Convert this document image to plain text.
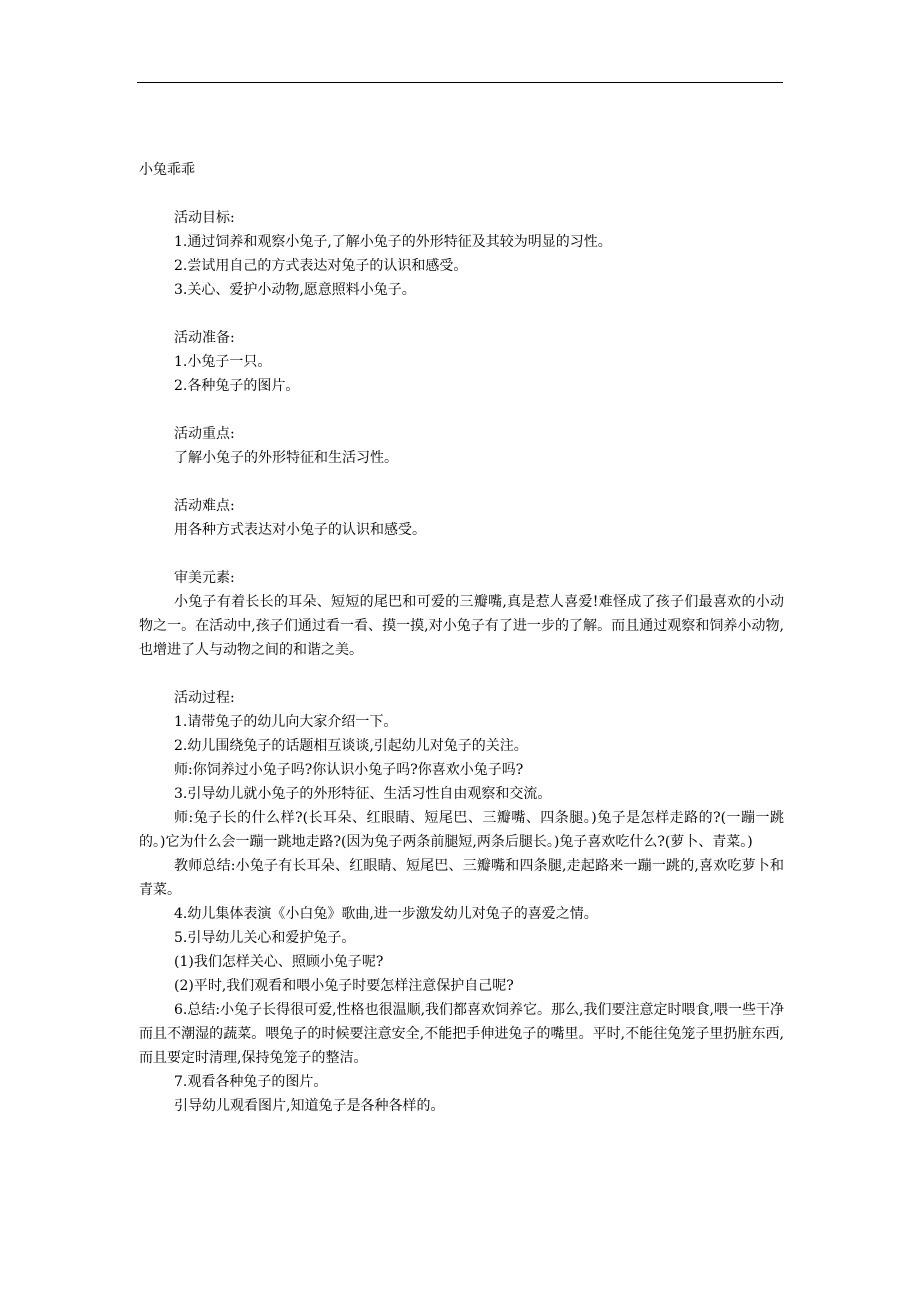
小兔乖乖
活动目标:
1.通过饲养和观察小兔子,了解小兔子的外形特征及其较为明显的习性。
2.尝试用自己的方式表达对兔子的认识和感受。
3.关心、爱护小动物,愿意照料小兔子。
活动准备:
1.小兔子一只。
2.各种兔子的图片。
活动重点:
了解小兔子的外形特征和生活习性。
活动难点:
用各种方式表达对小兔子的认识和感受。
审美元素:
小兔子有着长长的耳朵、短短的尾巴和可爱的三瓣嘴,真是惹人喜爱!难怪成了孩子们最喜欢的小动物之一。在活动中,孩子们通过看一看、摸一摸,对小兔子有了进一步的了解。而且通过观察和饲养小动物,也增进了人与动物之间的和谐之美。
活动过程:
1.请带兔子的幼儿向大家介绍一下。
2.幼儿围绕兔子的话题相互谈谈,引起幼儿对兔子的关注。
师:你饲养过小兔子吗?你认识小兔子吗?你喜欢小兔子吗?
3.引导幼儿就小兔子的外形特征、生活习性自由观察和交流。
师:兔子长的什么样?(长耳朵、红眼睛、短尾巴、三瓣嘴、四条腿。)兔子是怎样走路的?(一蹦一跳的。)它为什么会一蹦一跳地走路?(因为兔子两条前腿短,两条后腿长。)兔子喜欢吃什么?(萝卜、青菜。)
教师总结:小兔子有长耳朵、红眼睛、短尾巴、三瓣嘴和四条腿,走起路来一蹦一跳的,喜欢吃萝卜和青菜。
4.幼儿集体表演《小白兔》歌曲,进一步激发幼儿对兔子的喜爱之情。
5.引导幼儿关心和爱护兔子。
(1)我们怎样关心、照顾小兔子呢?
(2)平时,我们观看和喂小兔子时要怎样注意保护自己呢?
6.总结:小兔子长得很可爱,性格也很温顺,我们都喜欢饲养它。那么,我们要注意定时喂食,喂一些干净而且不潮湿的蔬菜。喂兔子的时候要注意安全,不能把手伸进兔子的嘴里。平时,不能往兔笼子里扔脏东西,而且要定时清理,保持兔笼子的整洁。
7.观看各种兔子的图片。
引导幼儿观看图片,知道兔子是各种各样的。
